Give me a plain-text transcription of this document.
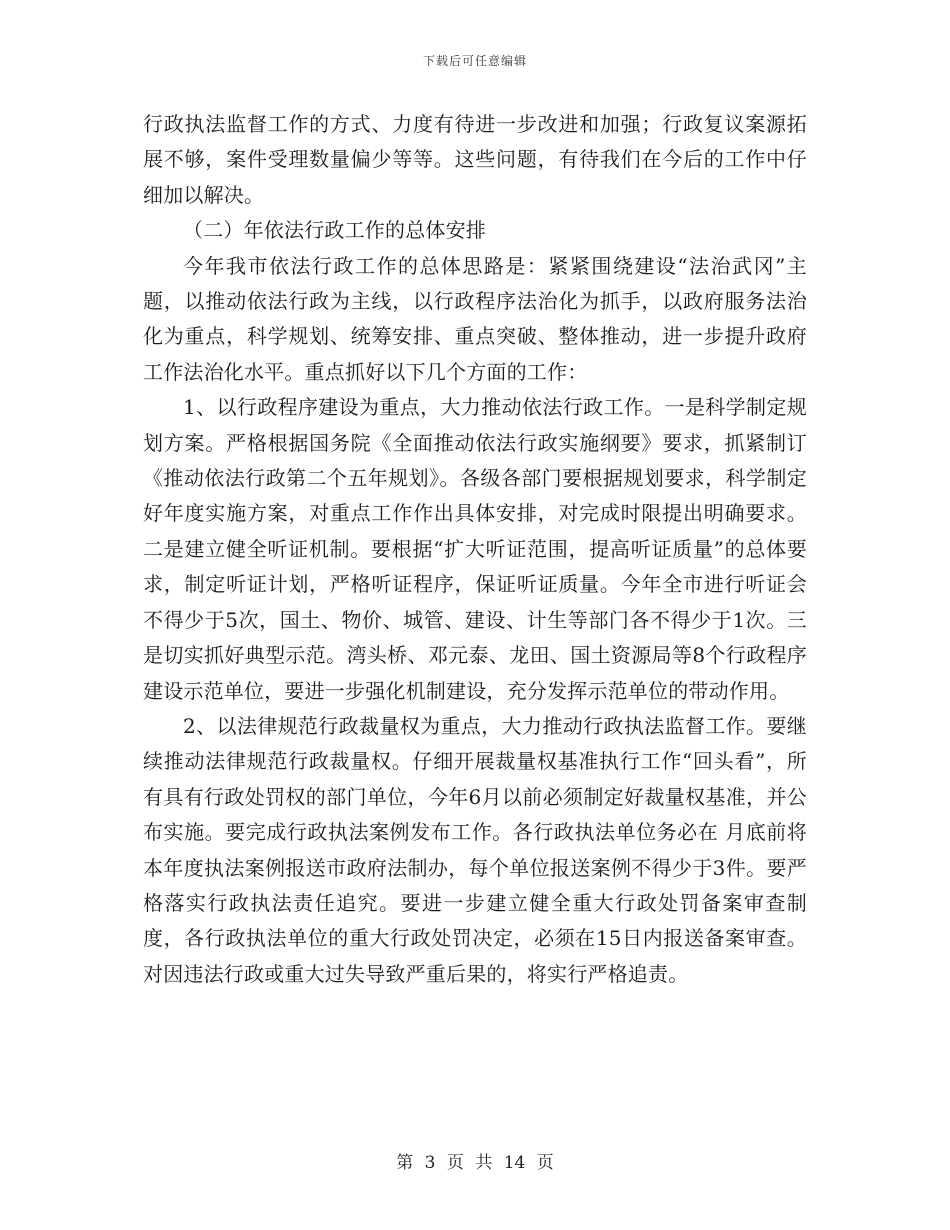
下载后可任意编辑

行政执法监督工作的方式、力度有待进一步改进和加强；行政复议案源拓展不够，案件受理数量偏少等等。这些问题，有待我们在今后的工作中仔细加以解决。

（二）年依法行政工作的总体安排

今年我市依法行政工作的总体思路是：紧紧围绕建设“法治武冈”主题，以推动依法行政为主线，以行政程序法治化为抓手，以政府服务法治化为重点，科学规划、统筹安排、重点突破、整体推动，进一步提升政府工作法治化水平。重点抓好以下几个方面的工作：

1、以行政程序建设为重点，大力推动依法行政工作。一是科学制定规划方案。严格根据国务院《全面推动依法行政实施纲要》要求，抓紧制订《推动依法行政第二个五年规划》。各级各部门要根据规划要求，科学制定好年度实施方案，对重点工作作出具体安排，对完成时限提出明确要求。二是建立健全听证机制。要根据“扩大听证范围，提高听证质量”的总体要求，制定听证计划，严格听证程序，保证听证质量。今年全市进行听证会不得少于5次，国土、物价、城管、建设、计生等部门各不得少于1次。三是切实抓好典型示范。湾头桥、邓元泰、龙田、国土资源局等8个行政程序建设示范单位，要进一步强化机制建设，充分发挥示范单位的带动作用。

2、以法律规范行政裁量权为重点，大力推动行政执法监督工作。要继续推动法律规范行政裁量权。仔细开展裁量权基准执行工作“回头看”，所有具有行政处罚权的部门单位，今年6月以前必须制定好裁量权基准，并公布实施。要完成行政执法案例发布工作。各行政执法单位务必在 月底前将本年度执法案例报送市政府法制办，每个单位报送案例不得少于3件。要严格落实行政执法责任追究。要进一步建立健全重大行政处罚备案审查制度，各行政执法单位的重大行政处罚决定，必须在15日内报送备案审查。对因违法行政或重大过失导致严重后果的，将实行严格追责。

第 3 页 共 14 页
